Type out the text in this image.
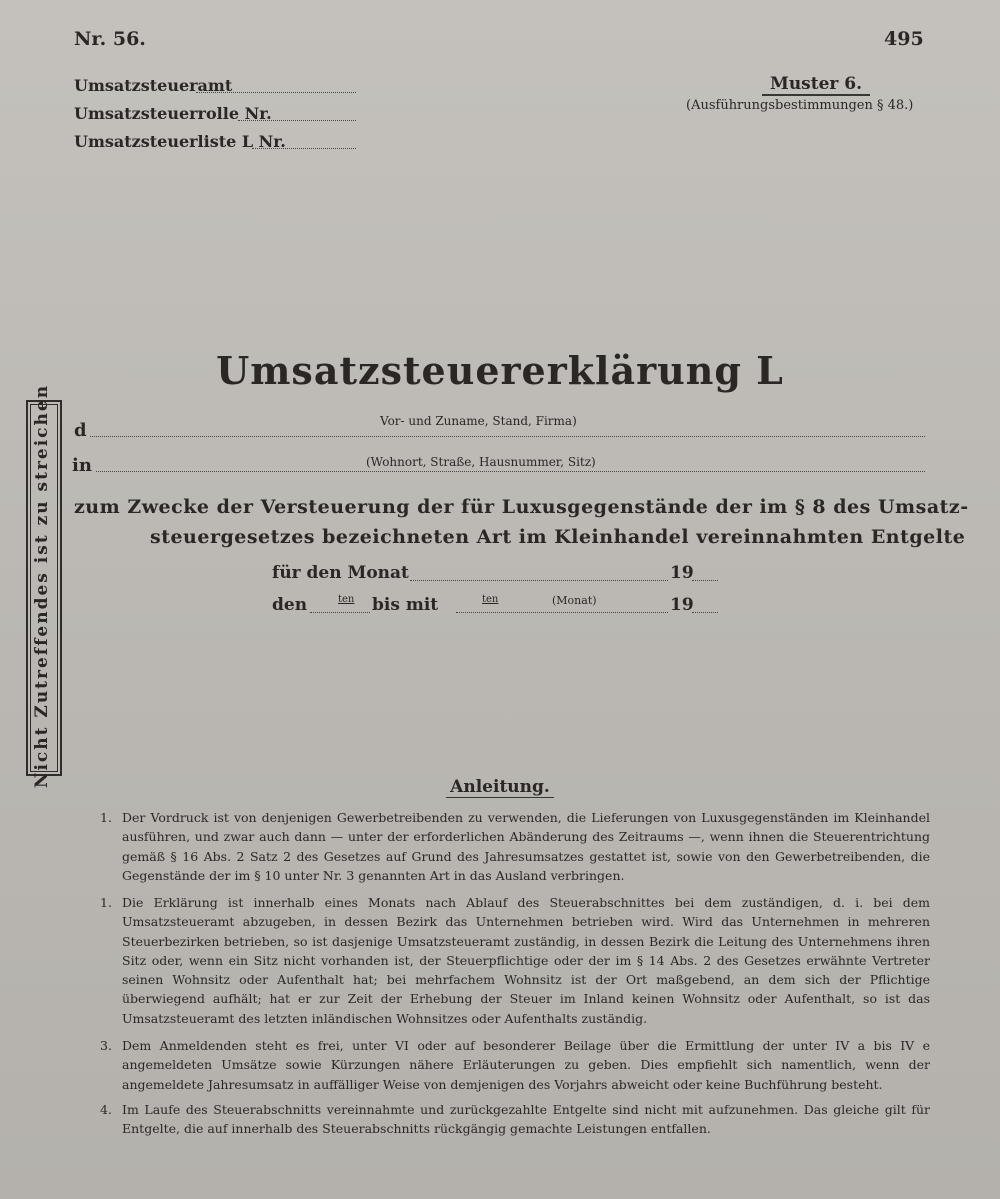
Nr. 56.	495
Umsatzsteueramt
Umsatzsteuerrolle Nr.
Umsatzsteuerliste L Nr.
Muster 6.
(Ausführungsbestimmungen § 48.)
Umsatzsteuererklärung L
Nicht Zutreffendes ist zu streichen d	Vor- und Zuname, Stand, Firma)
in	(Wohnort, Straße, Hausnummer, Sitz)
zum Zwecke der Versteuerung der für Luxusgegenstände der im § 8 des Umsatz-
steuergesetzes bezeichneten Art im Kleinhandel vereinnahmten Entgelte
für den Monat	19
den	ten bis mit	ten	(Monat)	19
Anleitung.
1. Der Vordruck ist von denjenigen Gewerbetreibenden zu verwenden, die Lieferungen von Luxusgegenständen im Kleinhandel ausführen, und zwar auch dann — unter der erforderlichen Abänderung des Zeitraums —, wenn ihnen die Steuerentrichtung gemäß § 16 Abs. 2 Satz 2 des Gesetzes auf Grund des Jahresumsatzes gestattet ist, sowie von den Gewerbetreibenden, die Gegenstände der im § 10 unter Nr. 3 genannten Art in das Ausland verbringen.
1. Die Erklärung ist innerhalb eines Monats nach Ablauf des Steuerabschnittes bei dem zuständigen, d. i. bei dem Umsatzsteueramt abzugeben, in dessen Bezirk das Unternehmen betrieben wird. Wird das Unternehmen in mehreren Steuerbezirken betrieben, so ist dasjenige Umsatzsteueramt zuständig, in dessen Bezirk die Leitung des Unternehmens ihren Sitz oder, wenn ein Sitz nicht vorhanden ist, der Steuerpflichtige oder der im § 14 Abs. 2 des Gesetzes erwähnte Vertreter seinen Wohnsitz oder Aufenthalt hat; bei mehrfachem Wohnsitz ist der Ort maßgebend, an dem sich der Pflichtige überwiegend aufhält; hat er zur Zeit der Erhebung der Steuer im Inland keinen Wohnsitz oder Aufenthalt, so ist das Umsatzsteueramt des letzten inländischen Wohnsitzes oder Aufenthalts zuständig.
3. Dem Anmeldenden steht es frei, unter VI oder auf besonderer Beilage über die Ermittlung der unter IV a bis IV e angemeldeten Umsätze sowie Kürzungen nähere Erläuterungen zu geben. Dies empfiehlt sich namentlich, wenn der angemeldete Jahresumsatz in auffälliger Weise von demjenigen des Vorjahrs abweicht oder keine Buchführung besteht.
4. Im Laufe des Steuerabschnitts vereinnahmte und zurückgezahlte Entgelte sind nicht mit aufzunehmen. Das gleiche gilt für Entgelte, die auf innerhalb des Steuerabschnitts rückgängig gemachte Leistungen entfallen.
